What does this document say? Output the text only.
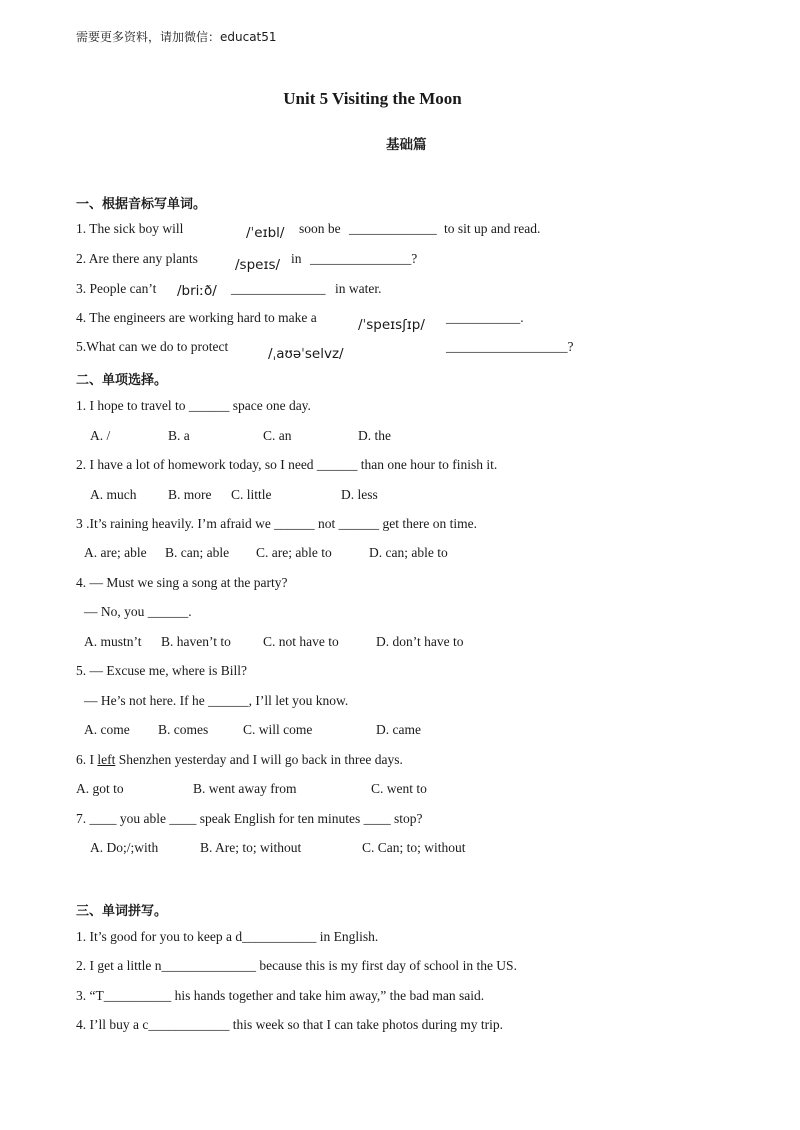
需要更多资料，请加微信：educat51
Unit 5 Visiting the Moon
基础篇
一、根据音标写单词。
1. The sick boy will	/ˈeɪbl/ soon be _____________ to sit up and read.
2. Are there any plants	/speɪs/ in _______________?
3. People can’t /briːð/ ______________ in water.
4. The engineers are working hard to make a	/ˈspeɪsʃɪp/ ___________.
5.What can we do to protect	/ˌaʊəˈselvz/	__________________?
二、单项选择。
1. I hope to travel to ______ space one day.
A. /	B. a	C. an	D. the
2. I have a lot of homework today, so I need ______ than one hour to finish it.
A. much B. more C. little	D. less
3 .It’s raining heavily. I’m afraid we ______ not ______ get there on time.
A. are; able B. can; able C. are; able to	D. can; able to
4. — Must we sing a song at the party?
— No, you ______.
A. mustn’t B. haven’t to C. not have to	D. don’t have to
5. — Excuse me, where is Bill?
— He’s not here. If he ______, I’ll let you know.
A. come B. comes	C. will come	D. came
6. I left Shenzhen yesterday and I will go back in three days.
A. got to	B. went away from	C. went to
7. ____ you able ____ speak English for ten minutes ____ stop?
A. Do;/;with	B. Are; to; without	C. Can; to; without
三、单词拼写。
1. It’s good for you to keep a d___________ in English.
2. I get a little n______________ because this is my first day of school in the US.
3. “T__________ his hands together and take him away,” the bad man said.
4. I’ll buy a c____________ this week so that I can take photos during my trip.
